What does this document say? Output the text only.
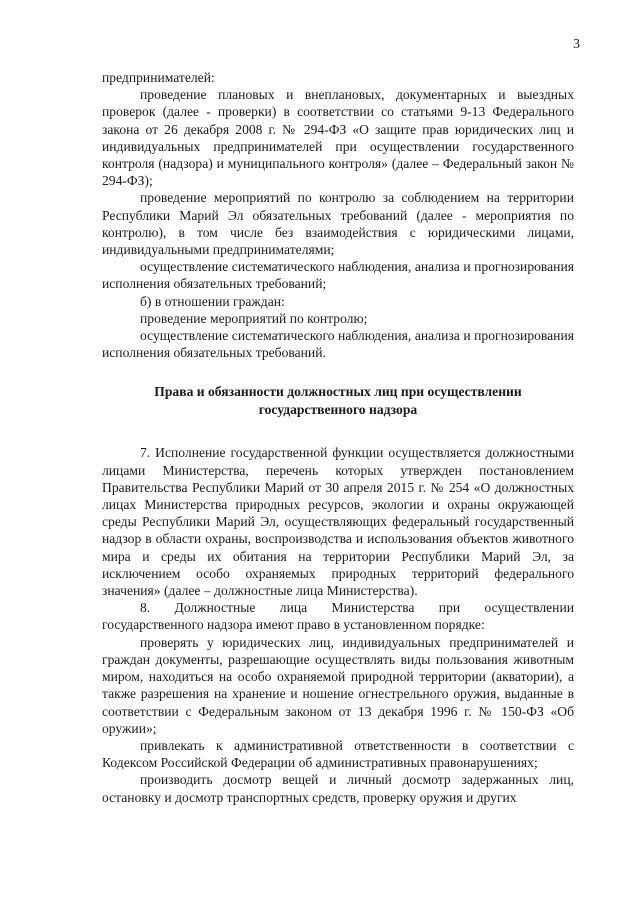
3

предпринимателей:

проведение плановых и внеплановых, документарных и выездных проверок (далее - проверки) в соответствии со статьями 9-13 Федерального закона от 26 декабря 2008 г. № 294-ФЗ «О защите прав юридических лиц и индивидуальных предпринимателей при осуществлении государственного контроля (надзора) и муниципального контроля» (далее – Федеральный закон № 294-ФЗ);

проведение мероприятий по контролю за соблюдением на территории Республики Марий Эл обязательных требований (далее - мероприятия по контролю), в том числе без взаимодействия с юридическими лицами, индивидуальными предпринимателями;

осуществление систематического наблюдения, анализа и прогнозирования исполнения обязательных требований;

б) в отношении граждан:

проведение мероприятий по контролю;

осуществление систематического наблюдения, анализа и прогнозирования исполнения обязательных требований.

Права и обязанности должностных лиц при осуществлении государственного надзора

7. Исполнение государственной функции осуществляется должностными лицами Министерства, перечень которых утвержден постановлением Правительства Республики Марий от 30 апреля 2015 г. № 254 «О должностных лицах Министерства природных ресурсов, экологии и охраны окружающей среды Республики Марий Эл, осуществляющих федеральный государственный надзор в области охраны, воспроизводства и использования объектов животного мира и среды их обитания на территории Республики Марий Эл, за исключением особо охраняемых природных территорий федерального значения» (далее – должностные лица Министерства).

8. Должностные лица Министерства при осуществлении государственного надзора имеют право в установленном порядке:

проверять у юридических лиц, индивидуальных предпринимателей и граждан документы, разрешающие осуществлять виды пользования животным миром, находиться на особо охраняемой природной территории (акватории), а также разрешения на хранение и ношение огнестрельного оружия, выданные в соответствии с Федеральным законом от 13 декабря 1996 г. № 150-ФЗ «Об оружии»;

привлекать к административной ответственности в соответствии с Кодексом Российской Федерации об административных правонарушениях;

производить досмотр вещей и личный досмотр задержанных лиц, остановку и досмотр транспортных средств, проверку оружия и других
